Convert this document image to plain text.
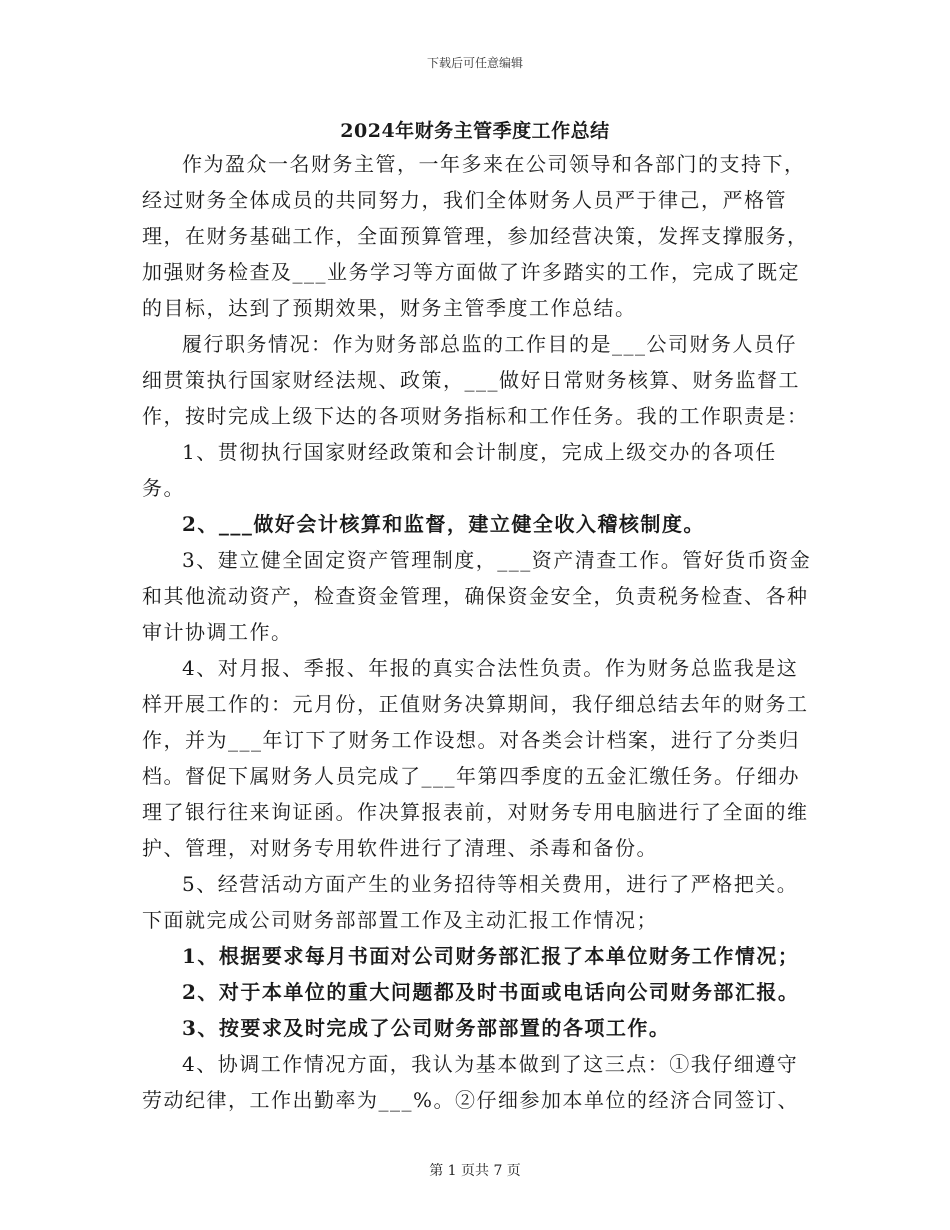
下载后可任意编辑
2024年财务主管季度工作总结

作为盈众一名财务主管，一年多来在公司领导和各部门的支持下，经过财务全体成员的共同努力，我们全体财务人员严于律己，严格管理，在财务基础工作，全面预算管理，参加经营决策，发挥支撑服务，加强财务检查及___业务学习等方面做了许多踏实的工作，完成了既定的目标，达到了预期效果，财务主管季度工作总结。

履行职务情况：作为财务部总监的工作目的是___公司财务人员仔细贯策执行国家财经法规、政策，___做好日常财务核算、财务监督工作，按时完成上级下达的各项财务指标和工作任务。我的工作职责是：

1、贯彻执行国家财经政策和会计制度，完成上级交办的各项任务。

2、___做好会计核算和监督，建立健全收入稽核制度。

3、建立健全固定资产管理制度，___资产清查工作。管好货币资金和其他流动资产，检查资金管理，确保资金安全，负责税务检查、各种审计协调工作。

4、对月报、季报、年报的真实合法性负责。作为财务总监我是这样开展工作的：元月份，正值财务决算期间，我仔细总结去年的财务工作，并为___年订下了财务工作设想。对各类会计档案，进行了分类归档。督促下属财务人员完成了___年第四季度的五金汇缴任务。仔细办理了银行往来询证函。作决算报表前，对财务专用电脑进行了全面的维护、管理，对财务专用软件进行了清理、杀毒和备份。

5、经营活动方面产生的业务招待等相关费用，进行了严格把关。下面就完成公司财务部部置工作及主动汇报工作情况；

1、根据要求每月书面对公司财务部汇报了本单位财务工作情况；

2、对于本单位的重大问题都及时书面或电话向公司财务部汇报。

3、按要求及时完成了公司财务部部置的各项工作。

4、协调工作情况方面，我认为基本做到了这三点：①我仔细遵守劳动纪律，工作出勤率为___%。②仔细参加本单位的经济合同签订、

第 1 页共 7 页
